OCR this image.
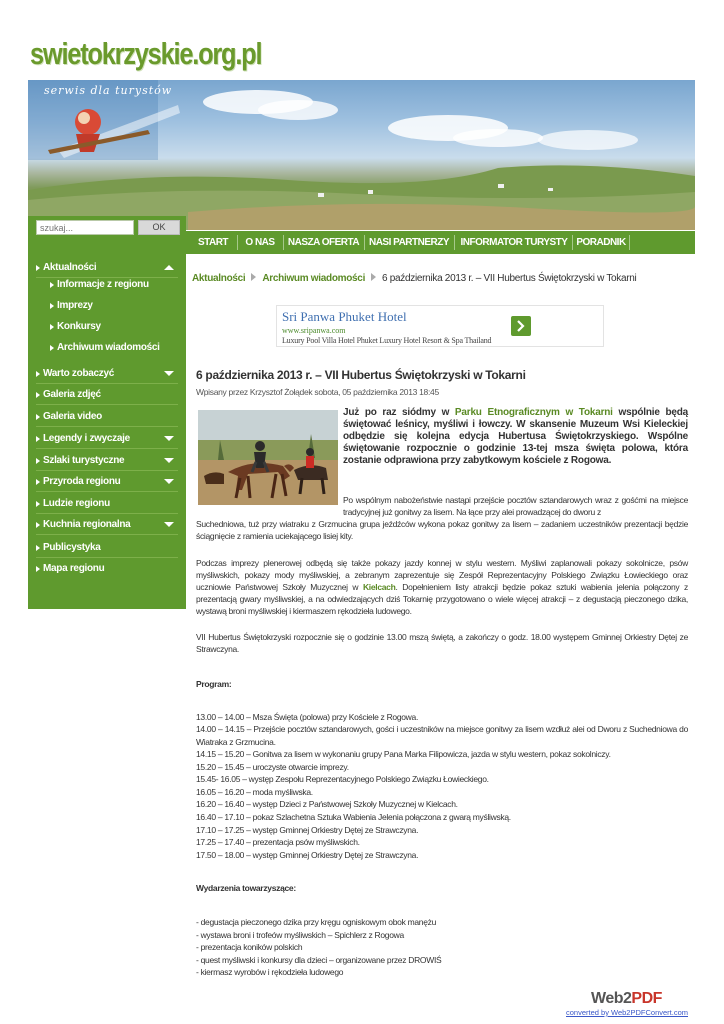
swietokrzyskie.org.pl
serwis dla turystów
szukaj...
OK
Aktualności
Informacje z regionu
Imprezy
Konkursy
Archiwum wiadomości
Warto zobaczyć
Galeria zdjęć
Galeria video
Legendy i zwyczaje
Szlaki turystyczne
Przyroda regionu
Ludzie regionu
Kuchnia regionalna
Publicystyka
Mapa regionu
START	O NAS	NASZA OFERTA NASI PARTNERZY INFORMATOR TURYSTY PORADNIK
Aktualności Archiwum wiadomości 6 października 2013 r. – VII Hubertus Świętokrzyski w Tokarni
Sri Panwa Phuket Hotel
www.sripanwa.com
Luxury Pool Villa Hotel Phuket Luxury Hotel Resort & Spa Thailand
6 października 2013 r. – VII Hubertus Świętokrzyski w Tokarni
Wpisany przez Krzysztof Żołądek sobota, 05 października 2013 18:45
Już po raz siódmy w Parku Etnograficznym w Tokarni wspólnie będą świętować leśnicy, myśliwi i łowczy. W skansenie Muzeum Wsi Kieleckiej odbędzie się kolejna edycja Hubertusa Świętokrzyskiego. Wspólne świętowanie rozpocznie o godzinie 13-tej msza święta polowa, która zostanie odprawiona przy zabytkowym kościele z Rogowa.
Po wspólnym nabożeństwie nastąpi przejście pocztów sztandarowych wraz z gośćmi na miejsce tradycyjnej już gonitwy za lisem. Na łące przy alei prowadzącej do dworu z
Suchedniowa, tuż przy wiatraku z Grzmucina grupa jeźdźców wykona pokaz gonitwy za lisem – zadaniem uczestników prezentacji będzie ściągnięcie z ramienia uciekającego lisiej kity.
Podczas imprezy plenerowej odbędą się także pokazy jazdy konnej w stylu western. Myśliwi zaplanowali pokazy sokolnicze, psów myśliwskich, pokazy mody myśliwskiej, a zebranym zaprezentuje się Zespół Reprezentacyjny Polskiego Związku Łowieckiego oraz uczniowie Państwowej Szkoły Muzycznej w Kielcach. Dopełnieniem listy atrakcji będzie pokaz sztuki wabienia jelenia połączony z prezentacją gwary myśliwskiej, a na odwiedzających dziś Tokarnię przygotowano o wiele więcej atrakcji – z degustacją pieczonego dzika, wystawą broni myśliwskiej i kiermaszem rękodzieła ludowego.
VII Hubertus Świętokrzyski rozpocznie się o godzinie 13.00 mszą świętą, a zakończy o godz. 18.00 występem Gminnej Orkiestry Dętej ze Strawczyna.
Program:
13.00 – 14.00 – Msza Święta (polowa) przy Kościele z Rogowa.
14.00 – 14.15 – Przejście pocztów sztandarowych, gości i uczestników na miejsce gonitwy za lisem wzdłuż alei od Dworu z Suchedniowa do Wiatraka z Grzmucina.
14.15 – 15.20 – Gonitwa za lisem w wykonaniu grupy Pana Marka Filipowicza, jazda w stylu western, pokaz sokolniczy.
15.20 – 15.45 – uroczyste otwarcie imprezy.
15.45- 16.05 – występ Zespołu Reprezentacyjnego Polskiego Związku Łowieckiego.
16.05 – 16.20 – moda myśliwska.
16.20 – 16.40 – występ Dzieci z Państwowej Szkoły Muzycznej w Kielcach.
16.40 – 17.10 – pokaz Szlachetna Sztuka Wabienia Jelenia połączona z gwarą myśliwską.
17.10 – 17.25 – występ Gminnej Orkiestry Dętej ze Strawczyna.
17.25 – 17.40 – prezentacja psów myśliwskich.
17.50 – 18.00 – występ Gminnej Orkiestry Dętej ze Strawczyna.
Wydarzenia towarzyszące:
- degustacja pieczonego dzika przy kręgu ogniskowym obok manężu
- wystawa broni i trofeów myśliwskich – Spichlerz z Rogowa
- prezentacja koników polskich
- quest myśliwski i konkursy dla dzieci – organizowane przez DROWIŚ
- kiermasz wyrobów i rękodzieła ludowego
Web2PDF
converted by Web2PDFConvert.com
